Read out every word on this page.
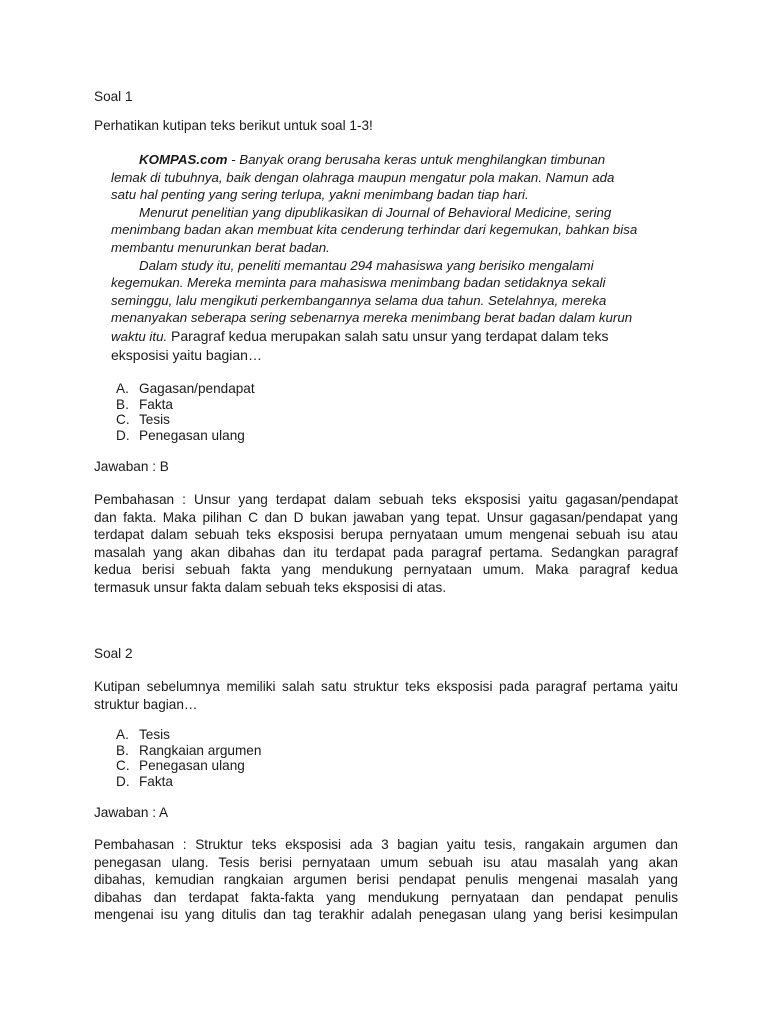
Soal 1
Perhatikan kutipan teks berikut untuk soal 1-3!
KOMPAS.com - Banyak orang berusaha keras untuk menghilangkan timbunan
lemak di tubuhnya, baik dengan olahraga maupun mengatur pola makan. Namun ada
satu hal penting yang sering terlupa, yakni menimbang badan tiap hari.
Menurut penelitian yang dipublikasikan di Journal of Behavioral Medicine, sering
menimbang badan akan membuat kita cenderung terhindar dari kegemukan, bahkan bisa
membantu menurunkan berat badan.
Dalam study itu, peneliti memantau 294 mahasiswa yang berisiko mengalami
kegemukan. Mereka meminta para mahasiswa menimbang badan setidaknya sekali
seminggu, lalu mengikuti perkembangannya selama dua tahun. Setelahnya, mereka
menanyakan seberapa sering sebenarnya mereka menimbang berat badan dalam kurun
waktu itu. Paragraf kedua merupakan salah satu unsur yang terdapat dalam teks
eksposisi yaitu bagian…
A. Gagasan/pendapat
B. Fakta
C. Tesis
D. Penegasan ulang
Jawaban : B
Pembahasan : Unsur yang terdapat dalam sebuah teks eksposisi yaitu gagasan/pendapat
dan fakta. Maka pilihan C dan D bukan jawaban yang tepat. Unsur gagasan/pendapat yang
terdapat dalam sebuah teks eksposisi berupa pernyataan umum mengenai sebuah isu atau
masalah yang akan dibahas dan itu terdapat pada paragraf pertama. Sedangkan paragraf
kedua berisi sebuah fakta yang mendukung pernyataan umum. Maka paragraf kedua
termasuk unsur fakta dalam sebuah teks eksposisi di atas.
Soal 2
Kutipan sebelumnya memiliki salah satu struktur teks eksposisi pada paragraf pertama yaitu
struktur bagian…
A. Tesis
B. Rangkaian argumen
C. Penegasan ulang
D. Fakta
Jawaban : A
Pembahasan : Struktur teks eksposisi ada 3 bagian yaitu tesis, rangakain argumen dan
penegasan ulang. Tesis berisi pernyataan umum sebuah isu atau masalah yang akan
dibahas, kemudian rangkaian argumen berisi pendapat penulis mengenai masalah yang
dibahas dan terdapat fakta-fakta yang mendukung pernyataan dan pendapat penulis
mengenai isu yang ditulis dan tag terakhir adalah penegasan ulang yang berisi kesimpulan
